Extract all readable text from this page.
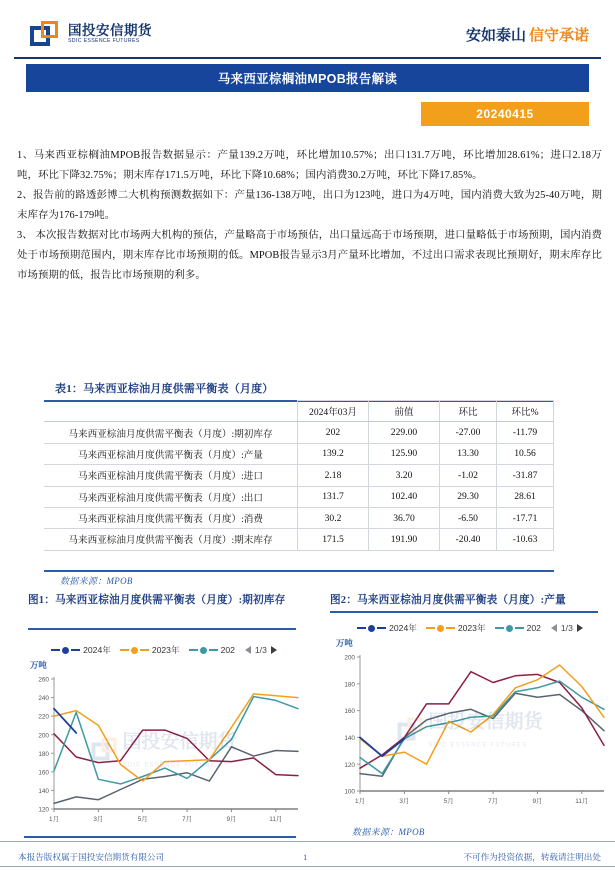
国投安信期货
SDIC ESSENCE FUTURES	安如泰山 信守承诺
马来西亚棕榈油MPOB报告解读
20240415

1、马来西亚棕榈油MPOB报告数据显示：产量139.2万吨，环比增加10.57%；出口131.7万吨，环比增加28.61%；进口2.18万吨，环比下降32.75%；期末库存171.5万吨，环比下降10.68%；国内消费30.2万吨，环比下降17.85%。

2、报告前的路透彭博二大机构预测数据如下：产量136-138万吨，出口为123吨，进口为4万吨，国内消费大致为25-40万吨，期末库存为176-179吨。

3、 本次报告数据对比市场两大机构的预估，产量略高于市场预估，出口量远高于市场预期，进口量略低于市场预期，国内消费处于市场预期范围内，期末库存比市场预期的低。MPOB报告显示3月产量环比增加，不过出口需求表现比预期好，期末库存比市场预期的低，报告比市场预期的利多。

表1：马来西亚棕油月度供需平衡表（月度）
	2024年03月	前值	环比	环比%
马来西亚棕油月度供需平衡表（月度）:期初库存	202	229.00	-27.00	-11.79
马来西亚棕油月度供需平衡表（月度）:产量	139.2	125.90	13.30	10.56
马来西亚棕油月度供需平衡表（月度）:进口	2.18	3.20	-1.02	-31.87
马来西亚棕油月度供需平衡表（月度）:出口	131.7	102.40	29.30	28.61
马来西亚棕油月度供需平衡表（月度）:消费	30.2	36.70	-6.50	-17.71
马来西亚棕油月度供需平衡表（月度）:期末库存	171.5	191.90	-20.40	-10.63
数据来源：MPOB
图1：马来西亚棕油月度供需平衡表（月度）:期初库存	图2：马来西亚棕油月度供需平衡表（月度）:产量
2024年	2023年	202 1/3
万吨
国投安信期货
SDIC ESSENCE FUTURES
120
140
160
180
200
220
240
260
1月	3月	5月	7月	9月	11月
2024年	2023年	202 1/3
万吨
国投安信期货
SDIC ESSENCE FUTURES
100
120
140
160
180
200
1月	3月	5月	7月	9月	11月
数据来源：MPOB
本报告版权属于国投安信期货有限公司	1	不可作为投资依据，转载请注明出处
